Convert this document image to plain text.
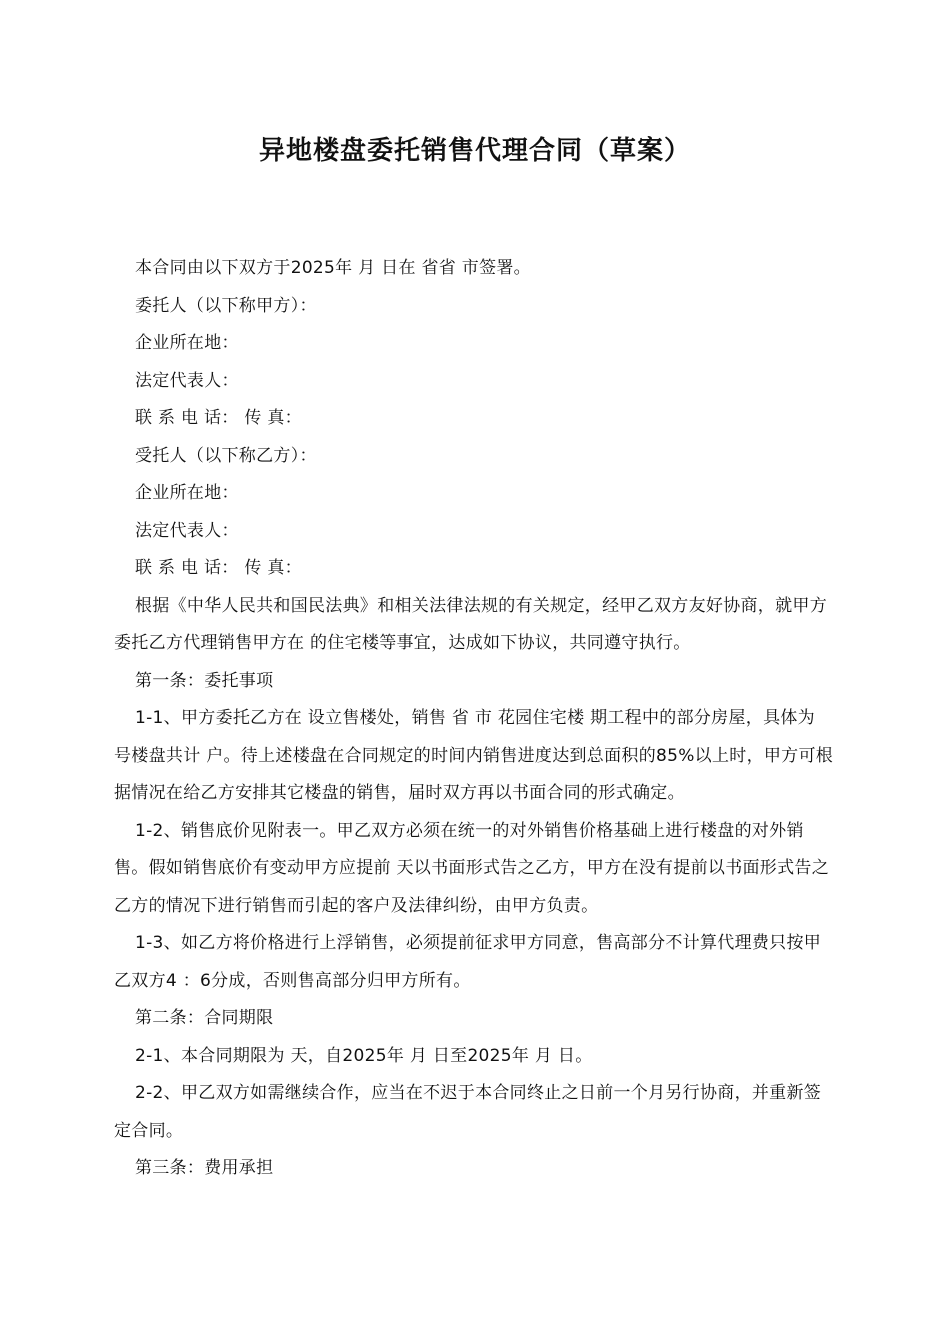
异地楼盘委托销售代理合同（草案）

本合同由以下双方于2025年 月 日在 省省 市签署。

委托人（以下称甲方）：

企业所在地：

法定代表人：

联 系 电 话： 传 真：

受托人（以下称乙方）：

企业所在地：

法定代表人：

联 系 电 话： 传 真：

根据《中华人民共和国民法典》和相关法律法规的有关规定，经甲乙双方友好协商，就甲方委托乙方代理销售甲方在 的住宅楼等事宜，达成如下协议，共同遵守执行。

第一条：委托事项

1-1、甲方委托乙方在 设立售楼处，销售 省 市 花园住宅楼 期工程中的部分房屋，具体为 号楼盘共计 户。待上述楼盘在合同规定的时间内销售进度达到总面积的85%以上时，甲方可根据情况在给乙方安排其它楼盘的销售，届时双方再以书面合同的形式确定。

1-2、销售底价见附表一。甲乙双方必须在统一的对外销售价格基础上进行楼盘的对外销售。假如销售底价有变动甲方应提前 天以书面形式告之乙方，甲方在没有提前以书面形式告之乙方的情况下进行销售而引起的客户及法律纠纷，由甲方负责。

1-3、如乙方将价格进行上浮销售，必须提前征求甲方同意，售高部分不计算代理费只按甲乙双方4 ：6分成，否则售高部分归甲方所有。

第二条：合同期限

2-1、本合同期限为 天，自2025年 月 日至2025年 月 日。

2-2、甲乙双方如需继续合作，应当在不迟于本合同终止之日前一个月另行协商，并重新签定合同。

第三条：费用承担
